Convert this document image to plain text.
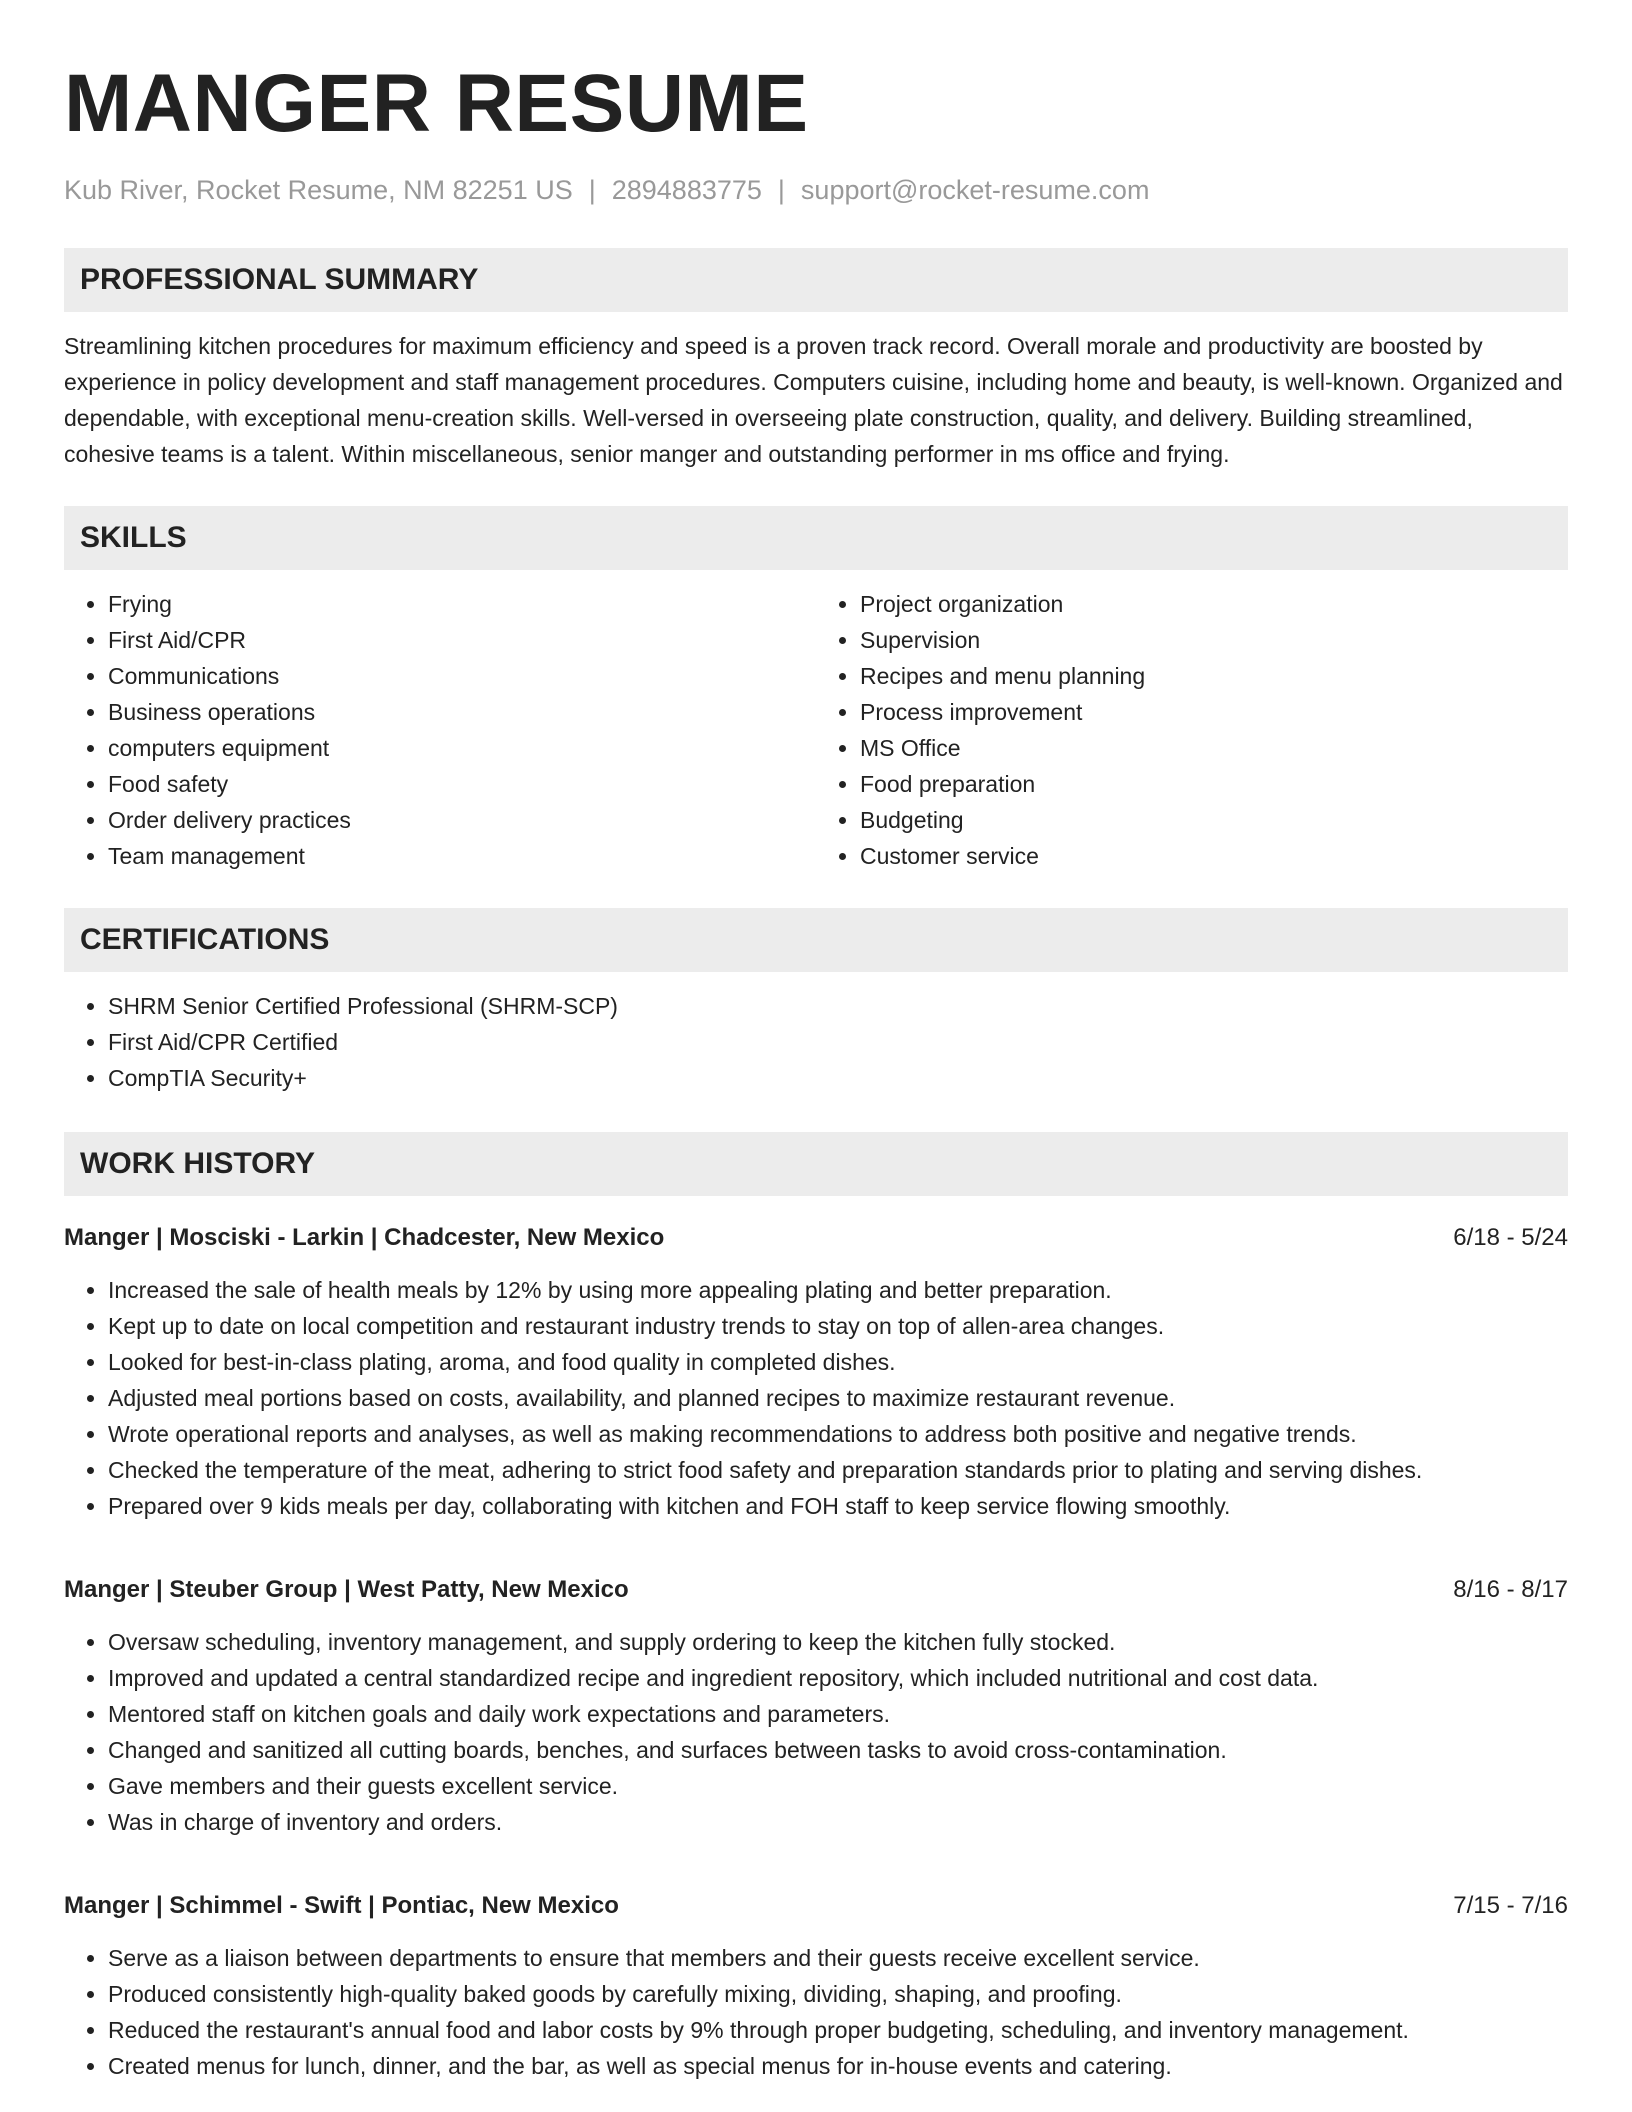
MANGER RESUME
Kub River, Rocket Resume, NM 82251 US | 2894883775 | support@rocket-resume.com
PROFESSIONAL SUMMARY

Streamlining kitchen procedures for maximum efficiency and speed is a proven track record. Overall morale and productivity are boosted by experience in policy development and staff management procedures. Computers cuisine, including home and beauty, is well-known. Organized and dependable, with exceptional menu-creation skills. Well-versed in overseeing plate construction, quality, and delivery. Building streamlined, cohesive teams is a talent. Within miscellaneous, senior manger and outstanding performer in ms office and frying.

SKILLS
• Frying
• First Aid/CPR
• Communications
• Business operations
• computers equipment
• Food safety
• Order delivery practices
• Team management
• Project organization
• Supervision
• Recipes and menu planning
• Process improvement
• MS Office
• Food preparation
• Budgeting
• Customer service
CERTIFICATIONS
• SHRM Senior Certified Professional (SHRM-SCP)
• First Aid/CPR Certified
• CompTIA Security+
WORK HISTORY
Manger | Mosciski - Larkin | Chadcester, New Mexico	6/18 - 5/24
• Increased the sale of health meals by 12% by using more appealing plating and better preparation.
• Kept up to date on local competition and restaurant industry trends to stay on top of allen-area changes.
• Looked for best-in-class plating, aroma, and food quality in completed dishes.
• Adjusted meal portions based on costs, availability, and planned recipes to maximize restaurant revenue.
• Wrote operational reports and analyses, as well as making recommendations to address both positive and negative trends.
• Checked the temperature of the meat, adhering to strict food safety and preparation standards prior to plating and serving dishes.
• Prepared over 9 kids meals per day, collaborating with kitchen and FOH staff to keep service flowing smoothly.
Manger | Steuber Group | West Patty, New Mexico	8/16 - 8/17
• Oversaw scheduling, inventory management, and supply ordering to keep the kitchen fully stocked.
• Improved and updated a central standardized recipe and ingredient repository, which included nutritional and cost data.
• Mentored staff on kitchen goals and daily work expectations and parameters.
• Changed and sanitized all cutting boards, benches, and surfaces between tasks to avoid cross-contamination.
• Gave members and their guests excellent service.
• Was in charge of inventory and orders.
Manger | Schimmel - Swift | Pontiac, New Mexico	7/15 - 7/16
• Serve as a liaison between departments to ensure that members and their guests receive excellent service.
• Produced consistently high-quality baked goods by carefully mixing, dividing, shaping, and proofing.
• Reduced the restaurant's annual food and labor costs by 9% through proper budgeting, scheduling, and inventory management.
• Created menus for lunch, dinner, and the bar, as well as special menus for in-house events and catering.
